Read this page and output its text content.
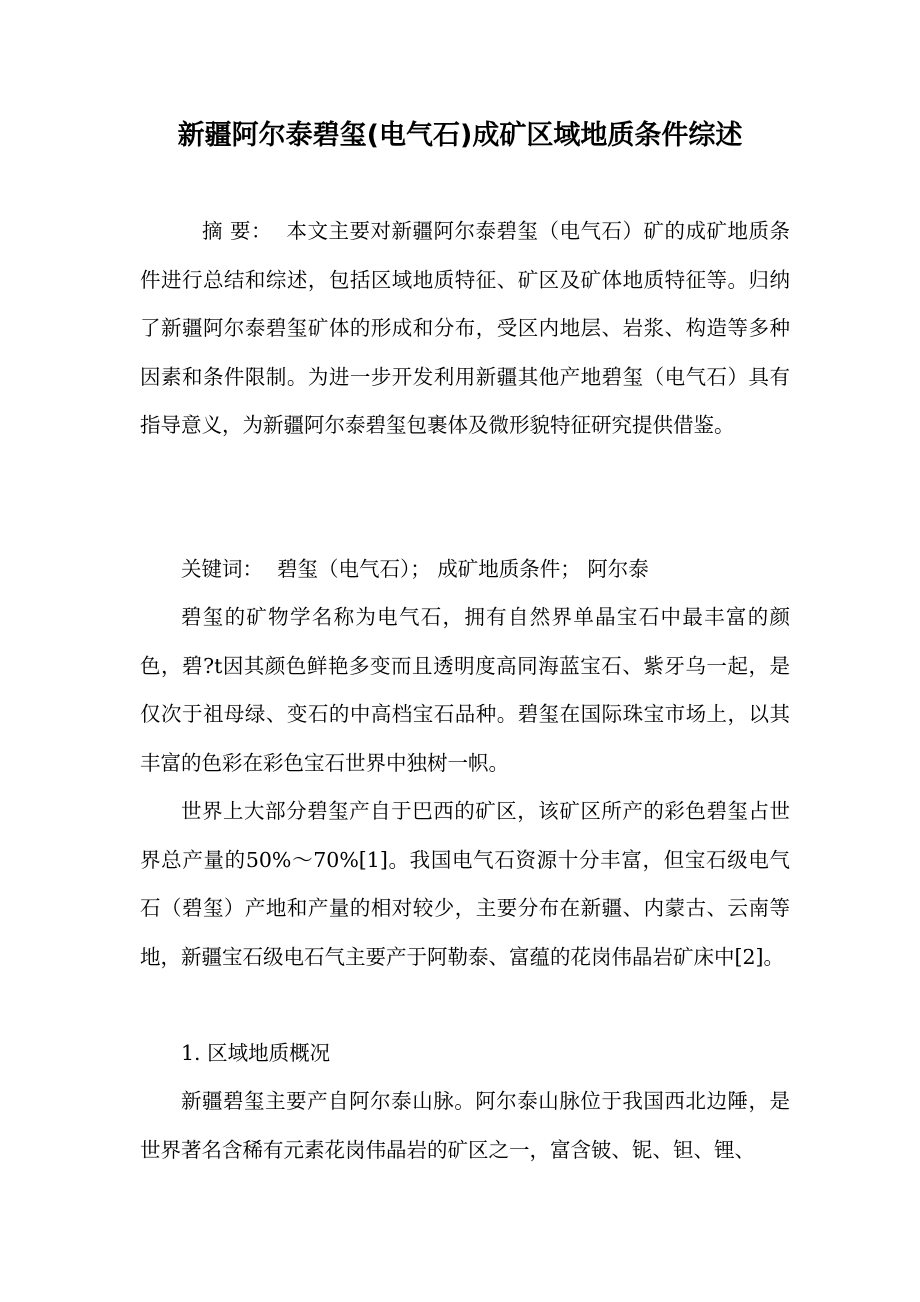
新疆阿尔泰碧玺(电气石)成矿区域地质条件综述

摘 要： 本文主要对新疆阿尔泰碧玺（电气石）矿的成矿地质条件进行总结和综述，包括区域地质特征、矿区及矿体地质特征等。归纳了新疆阿尔泰碧玺矿体的形成和分布，受区内地层、岩浆、构造等多种因素和条件限制。为进一步开发利用新疆其他产地碧玺（电气石）具有指导意义，为新疆阿尔泰碧玺包裹体及微形貌特征研究提供借鉴。

关键词： 碧玺（电气石）； 成矿地质条件； 阿尔泰

碧玺的矿物学名称为电气石，拥有自然界单晶宝石中最丰富的颜色，碧?t因其颜色鲜艳多变而且透明度高同海蓝宝石、紫牙乌一起，是仅次于祖母绿、变石的中高档宝石品种。碧玺在国际珠宝市场上，以其丰富的色彩在彩色宝石世界中独树一帜。

世界上大部分碧玺产自于巴西的矿区，该矿区所产的彩色碧玺占世界总产量的50%～70%[1]。我国电气石资源十分丰富，但宝石级电气石（碧玺）产地和产量的相对较少，主要分布在新疆、内蒙古、云南等地，新疆宝石级电石气主要产于阿勒泰、富蕴的花岗伟晶岩矿床中[2]。

1. 区域地质概况

新疆碧玺主要产自阿尔泰山脉。阿尔泰山脉位于我国西北边陲，是世界著名含稀有元素花岗伟晶岩的矿区之一，富含铍、铌、钽、锂、
